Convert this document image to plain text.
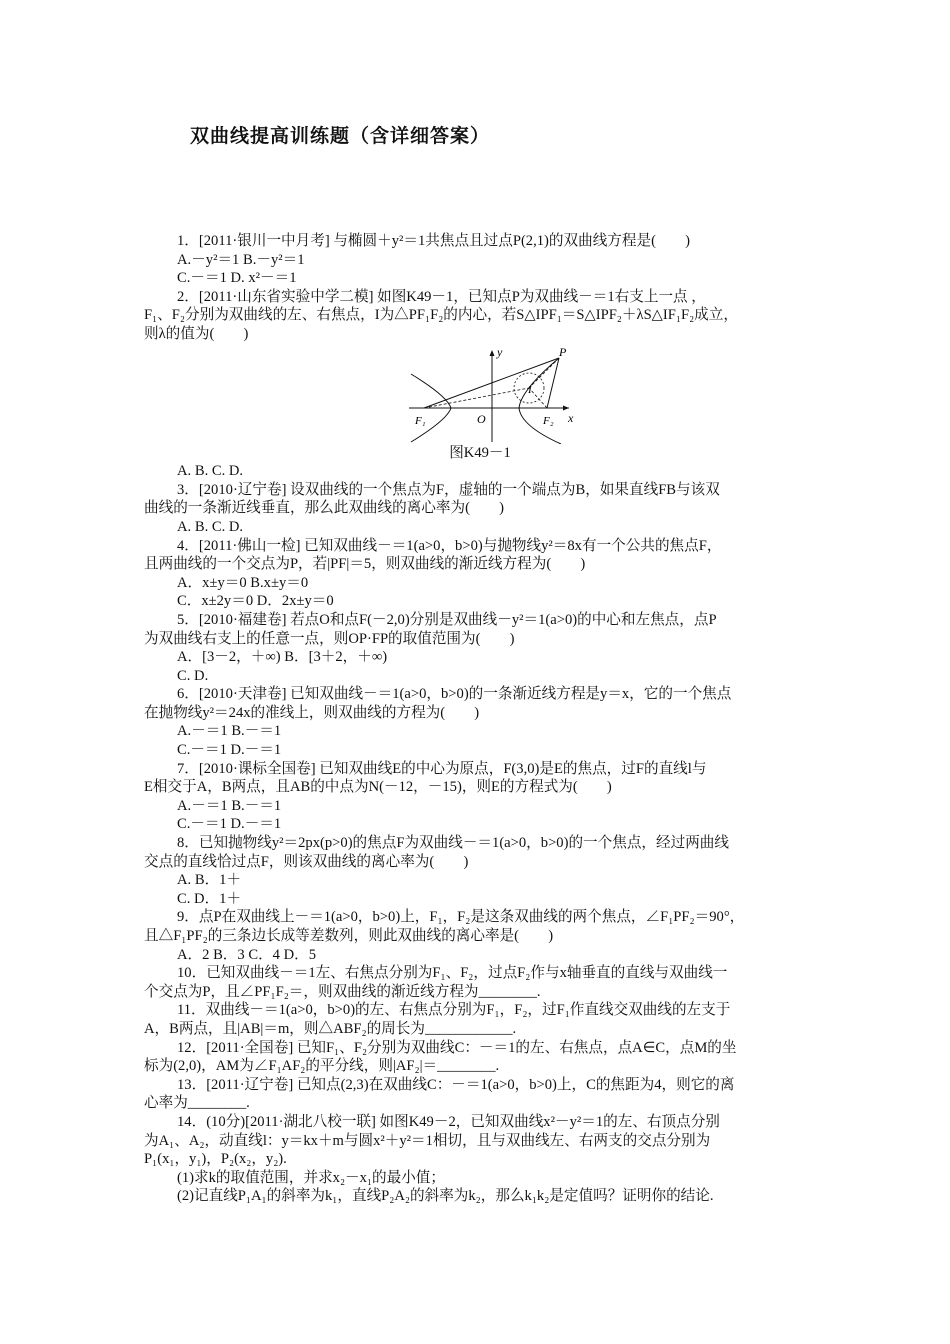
双曲线提高训练题（含详细答案）
1．[2011·银川一中月考] 与椭圆＋y²＝1共焦点且过点P(2,1)的双曲线方程是(　　)
A.－y²＝1 B.－y²＝1
C.－＝1 D. x²－＝1
2．[2011·山东省实验中学二模] 如图K49－1，已知点P为双曲线－＝1右支上一点 ，
F₁、F₂分别为双曲线的左、右焦点，I为△PF₁F₂的内心，若S△IPF₁＝S△IPF₂＋λS△IF₁F₂成立，
则λ的值为(　　)
y
x
P
I
F₁	F₂
O
图K49－1
A. B. C. D.
3．[2010·辽宁卷] 设双曲线的一个焦点为F，虚轴的一个端点为B，如果直线FB与该双
曲线的一条渐近线垂直，那么此双曲线的离心率为(　　)
A. B. C. D.
4．[2011·佛山一检] 已知双曲线－＝1(a>0，b>0)与抛物线y²＝8x有一个公共的焦点F，
且两曲线的一个交点为P，若|PF|＝5，则双曲线的渐近线方程为(　　)
A．x±y＝0 B.x±y＝0
C．x±2y＝0 D．2x±y＝0
5．[2010·福建卷] 若点O和点F(－2,0)分别是双曲线－y²＝1(a>0)的中心和左焦点，点P
为双曲线右支上的任意一点，则OP·FP的取值范围为(　　)
A．[3－2，＋∞) B．[3＋2，＋∞)
C. D.
6．[2010·天津卷] 已知双曲线－＝1(a>0，b>0)的一条渐近线方程是y＝x，它的一个焦点
在抛物线y²＝24x的准线上，则双曲线的方程为(　　)
A.－＝1 B.－＝1
C.－＝1 D.－＝1
7．[2010·课标全国卷] 已知双曲线E的中心为原点，F(3,0)是E的焦点，过F的直线l与
E相交于A，B两点，且AB的中点为N(－12，－15)，则E的方程式为(　　)
A.－＝1 B.－＝1
C.－＝1 D.－＝1
8．已知抛物线y²＝2px(p>0)的焦点F为双曲线－＝1(a>0，b>0)的一个焦点，经过两曲线
交点的直线恰过点F，则该双曲线的离心率为(　　)
A. B．1＋
C. D．1＋
9．点P在双曲线上－＝1(a>0，b>0)上，F₁，F₂是这条双曲线的两个焦点，∠F₁PF₂＝90°，
且△F₁PF₂的三条边长成等差数列，则此双曲线的离心率是(　　)
A．2 B．3 C．4 D．5
10．已知双曲线－＝1左、右焦点分别为F₁、F₂，过点F₂作与x轴垂直的直线与双曲线一
个交点为P，且∠PF₁F₂＝，则双曲线的渐近线方程为________.
11．双曲线－＝1(a>0，b>0)的左、右焦点分别为F₁，F₂，过F₁作直线交双曲线的左支于
A，B两点，且|AB|＝m，则△ABF₂的周长为____________.
12．[2011·全国卷] 已知F₁、F₂分别为双曲线C：－＝1的左、右焦点，点A∈C，点M的坐
标为(2,0)，AM为∠F₁AF₂的平分线，则|AF₂|＝________.
13．[2011·辽宁卷] 已知点(2,3)在双曲线C：－＝1(a>0，b>0)上，C的焦距为4，则它的离
心率为________.
14．(10分)[2011·湖北八校一联] 如图K49－2，已知双曲线x²－y²＝1的左、右顶点分别
为A₁、A₂，动直线l：y＝kx＋m与圆x²＋y²＝1相切，且与双曲线左、右两支的交点分别为
P₁(x₁，y₁)，P₂(x₂，y₂).
(1)求k的取值范围，并求x₂－x₁的最小值；
(2)记直线P₁A₁的斜率为k₁，直线P₂A₂的斜率为k₂，那么k₁k₂是定值吗？证明你的结论.
